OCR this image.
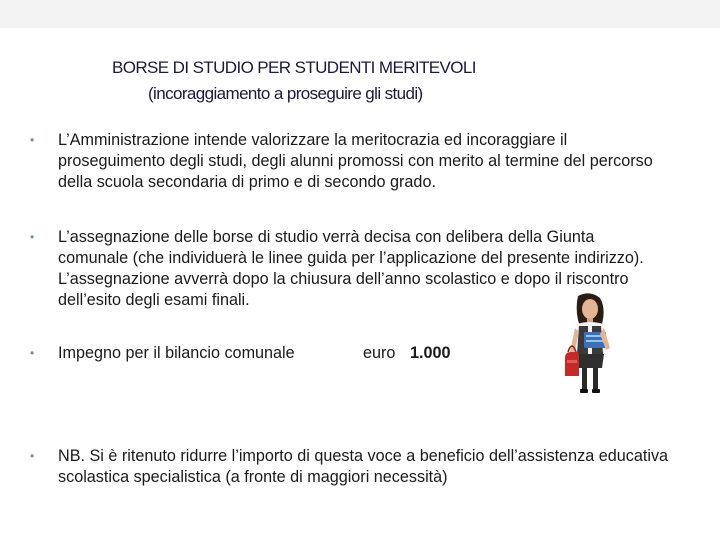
BORSE DI STUDIO PER STUDENTI MERITEVOLI
(incoraggiamento a proseguire gli studi)
•	L’Amministrazione intende valorizzare la meritocrazia ed incoraggiare il proseguimento degli studi, degli alunni promossi con merito al termine del percorso della scuola secondaria di primo e di secondo grado.
•	L’assegnazione delle borse di studio verrà decisa con delibera della Giunta comunale (che individuerà le linee guida per l’applicazione del presente indirizzo). L’assegnazione avverrà dopo la chiusura dell’anno scolastico e dopo il riscontro dell’esito degli esami finali.
•	Impegno per il bilancio comunale	euro 1.000
•	NB. Si è ritenuto ridurre l’importo di questa voce a beneficio dell’assistenza educativa scolastica specialistica (a fronte di maggiori necessità)
